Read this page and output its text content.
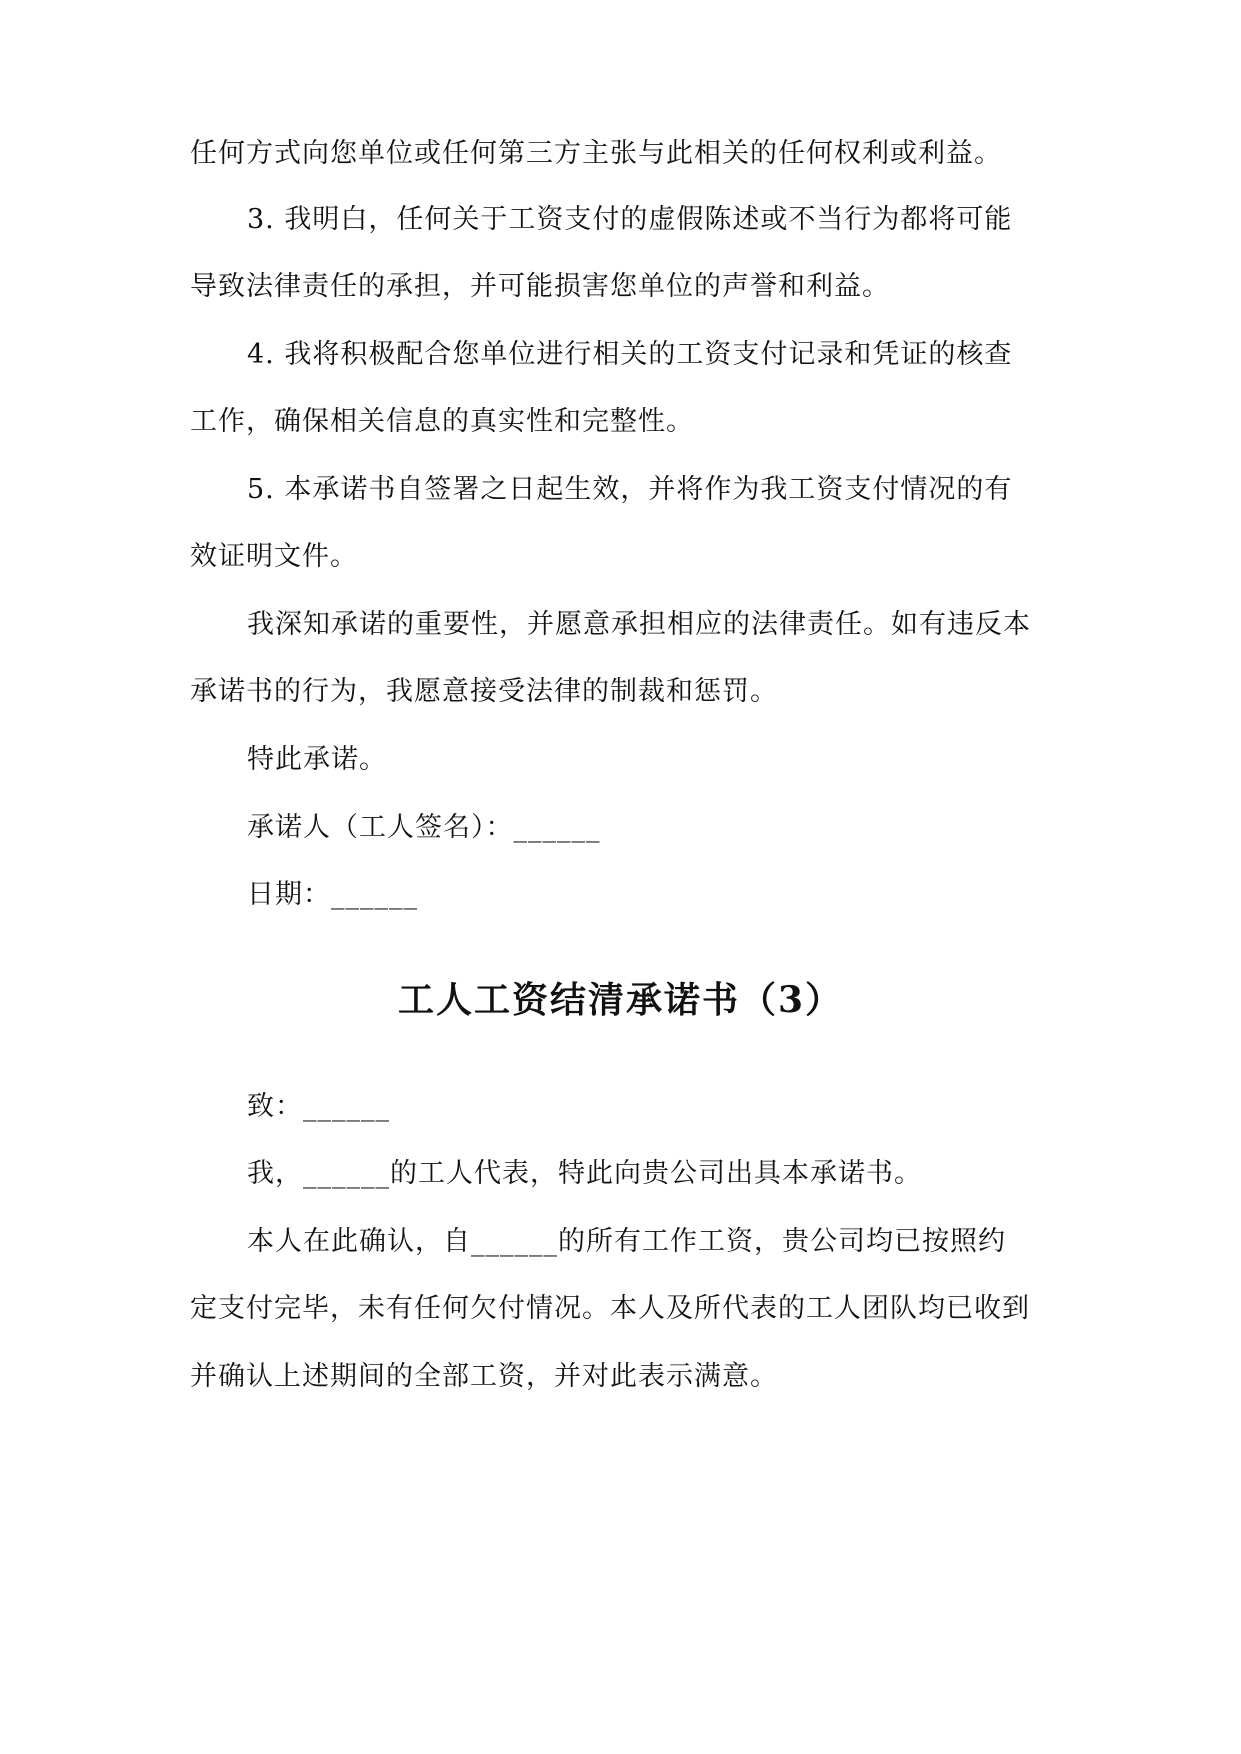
任何方式向您单位或任何第三方主张与此相关的任何权利或利益。
3. 我明白，任何关于工资支付的虚假陈述或不当行为都将可能
导致法律责任的承担，并可能损害您单位的声誉和利益。
4. 我将积极配合您单位进行相关的工资支付记录和凭证的核查
工作，确保相关信息的真实性和完整性。
5. 本承诺书自签署之日起生效，并将作为我工资支付情况的有
效证明文件。
我深知承诺的重要性，并愿意承担相应的法律责任。如有违反本
承诺书的行为，我愿意接受法律的制裁和惩罚。
特此承诺。
承诺人（工人签名）：______
日期：______
工人工资结清承诺书（3）
致：______
我，______的工人代表，特此向贵公司出具本承诺书。
本人在此确认，自______的所有工作工资，贵公司均已按照约
定支付完毕，未有任何欠付情况。本人及所代表的工人团队均已收到
并确认上述期间的全部工资，并对此表示满意。
